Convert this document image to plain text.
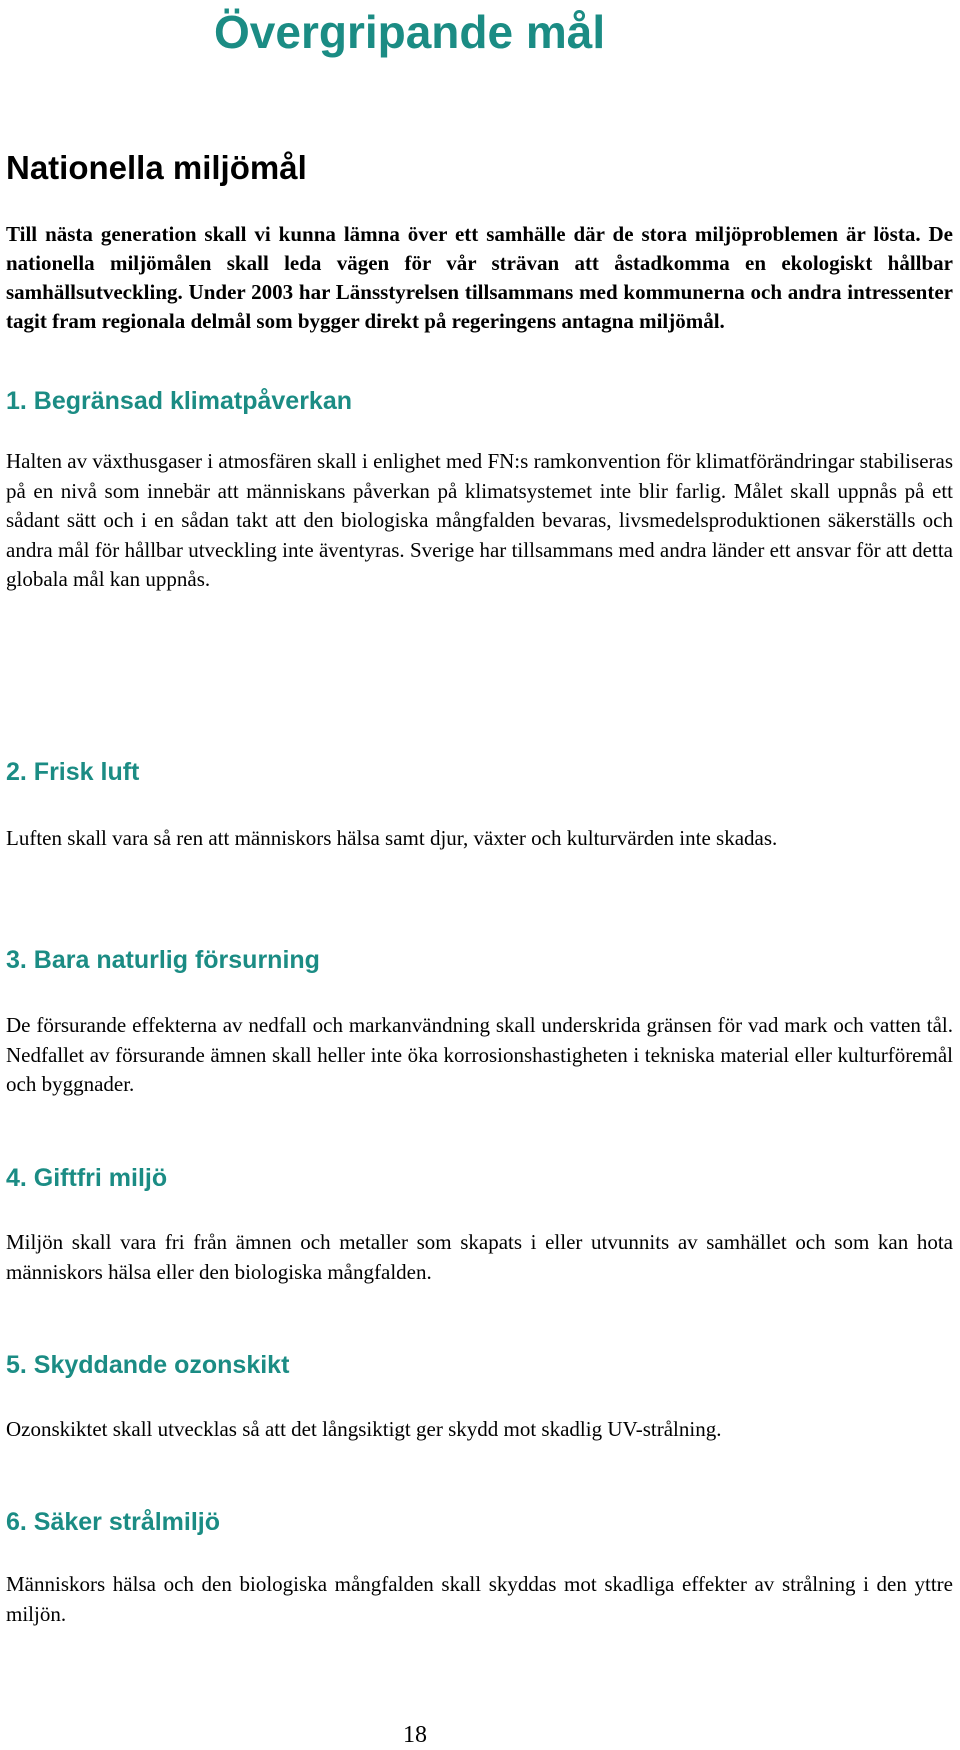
Övergripande mål
Nationella miljömål

Till nästa generation skall vi kunna lämna över ett samhälle där de stora miljöproblemen är lösta. De nationella miljömålen skall leda vägen för vår strävan att åstadkomma en ekologiskt hållbar samhällsutveckling. Under 2003 har Länsstyrelsen tillsammans med kommunerna och andra intressenter tagit fram regionala delmål som bygger direkt på regeringens antagna miljömål.

1. Begränsad klimatpåverkan

Halten av växthusgaser i atmosfären skall i enlighet med FN:s ramkonvention för klimatförändringar stabiliseras på en nivå som innebär att människans påverkan på klimatsystemet inte blir farlig. Målet skall uppnås på ett sådant sätt och i en sådan takt att den biologiska mångfalden bevaras, livsmedelsproduktionen säkerställs och andra mål för hållbar utveckling inte äventyras. Sverige har tillsammans med andra länder ett ansvar för att detta globala mål kan uppnås.

2. Frisk luft

Luften skall vara så ren att människors hälsa samt djur, växter och kulturvärden inte skadas.

3. Bara naturlig försurning

De försurande effekterna av nedfall och markanvändning skall underskrida gränsen för vad mark och vatten tål. Nedfallet av försurande ämnen skall heller inte öka korrosionshastigheten i tekniska material eller kulturföremål och byggnader.

4. Giftfri miljö

Miljön skall vara fri från ämnen och metaller som skapats i eller utvunnits av samhället och som kan hota människors hälsa eller den biologiska mångfalden.

5. Skyddande ozonskikt

Ozonskiktet skall utvecklas så att det långsiktigt ger skydd mot skadlig UV-strålning.

6. Säker strålmiljö

Människors hälsa och den biologiska mångfalden skall skyddas mot skadliga effekter av strålning i den yttre miljön.

18
